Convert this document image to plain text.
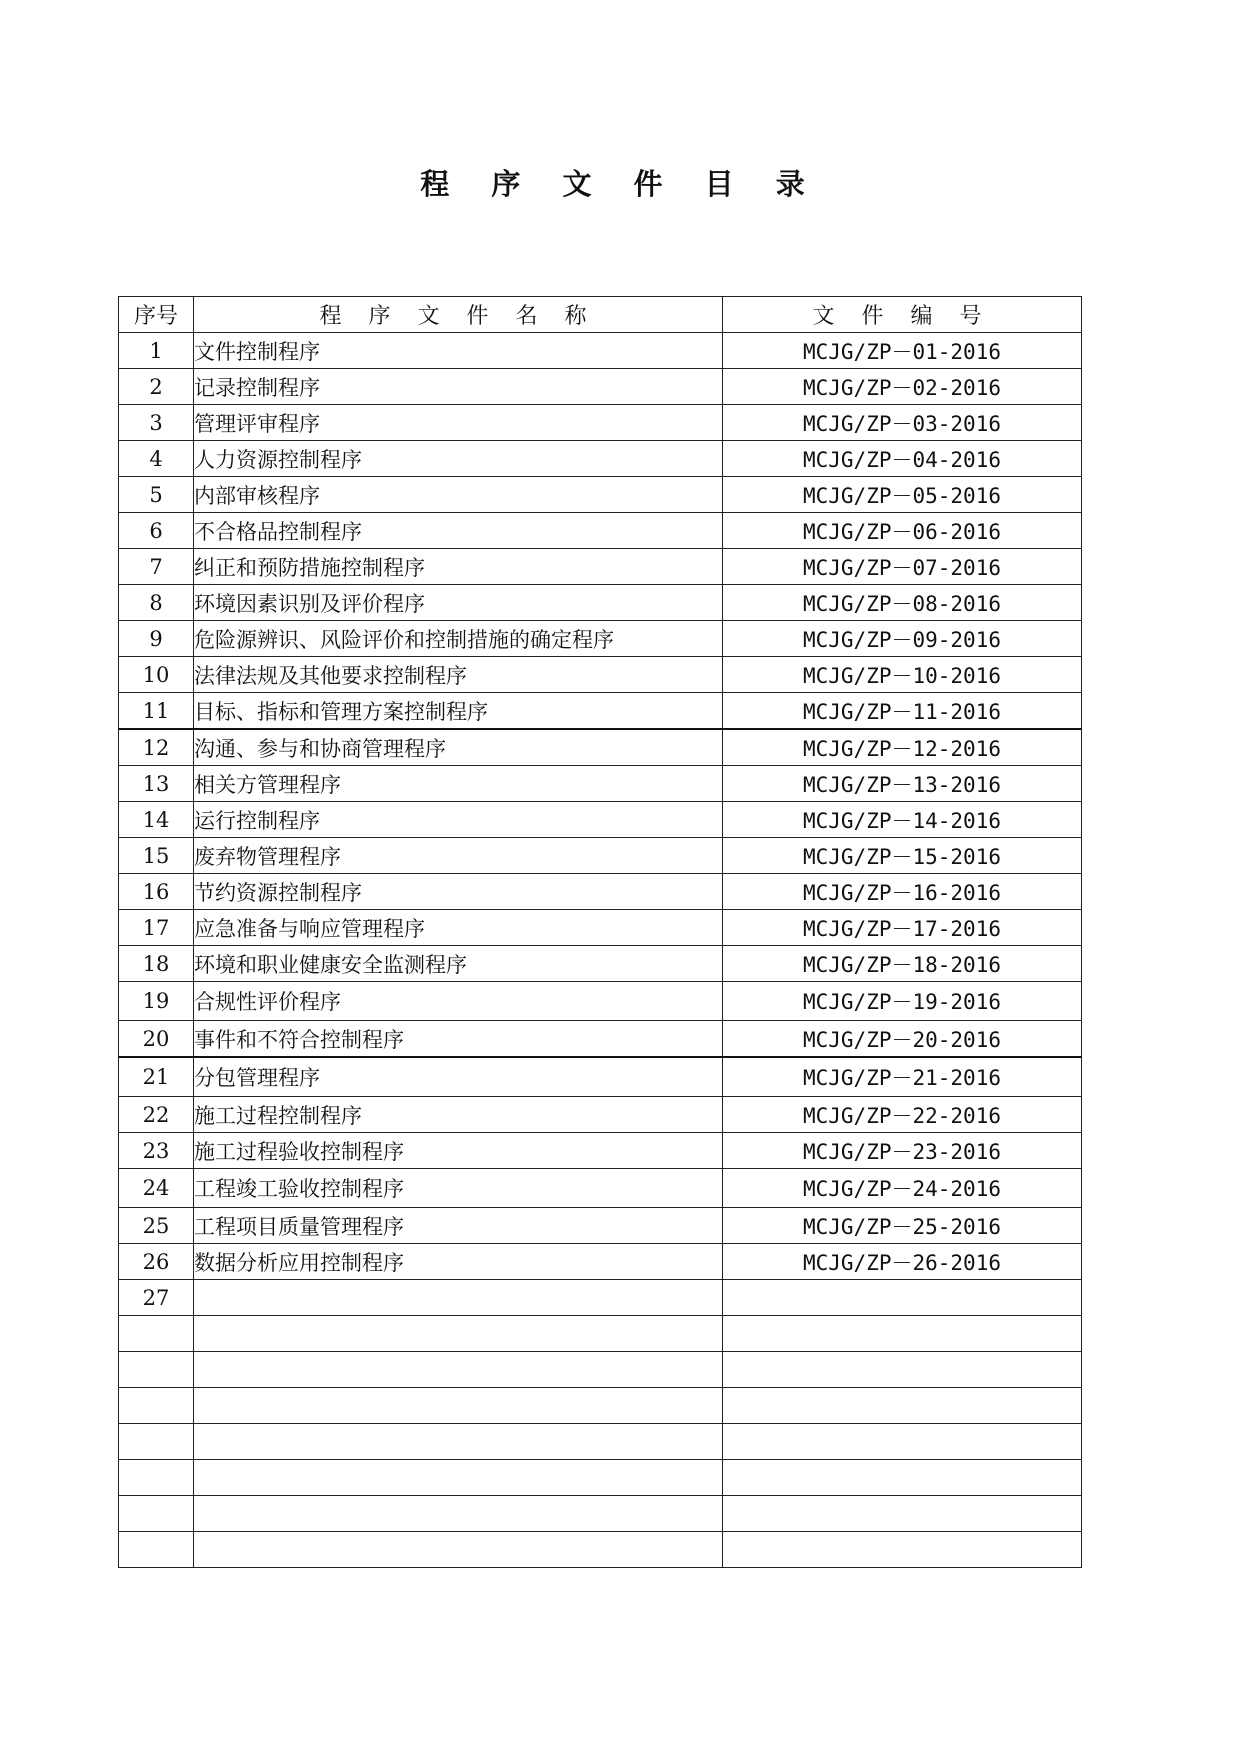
程 序 文 件 目 录
序号	程 序 文 件 名 称	文 件 编 号
1	文件控制程序	MCJG/ZP－01-2016
2	记录控制程序	MCJG/ZP－02-2016
3	管理评审程序	MCJG/ZP－03-2016
4	人力资源控制程序	MCJG/ZP－04-2016
5	内部审核程序	MCJG/ZP－05-2016
6	不合格品控制程序	MCJG/ZP－06-2016
7	纠正和预防措施控制程序	MCJG/ZP－07-2016
8	环境因素识别及评价程序	MCJG/ZP－08-2016
9	危险源辨识、风险评价和控制措施的确定程序	MCJG/ZP－09-2016
10	法律法规及其他要求控制程序	MCJG/ZP－10-2016
11	目标、指标和管理方案控制程序	MCJG/ZP－11-2016
12	沟通、参与和协商管理程序	MCJG/ZP－12-2016
13	相关方管理程序	MCJG/ZP－13-2016
14	运行控制程序	MCJG/ZP－14-2016
15	废弃物管理程序	MCJG/ZP－15-2016
16	节约资源控制程序	MCJG/ZP－16-2016
17	应急准备与响应管理程序	MCJG/ZP－17-2016
18	环境和职业健康安全监测程序	MCJG/ZP－18-2016
19	合规性评价程序	MCJG/ZP－19-2016
20	事件和不符合控制程序	MCJG/ZP－20-2016
21	分包管理程序	MCJG/ZP－21-2016
22	施工过程控制程序	MCJG/ZP－22-2016
23	施工过程验收控制程序	MCJG/ZP－23-2016
24	工程竣工验收控制程序	MCJG/ZP－24-2016
25	工程项目质量管理程序	MCJG/ZP－25-2016
26	数据分析应用控制程序	MCJG/ZP－26-2016
27		
